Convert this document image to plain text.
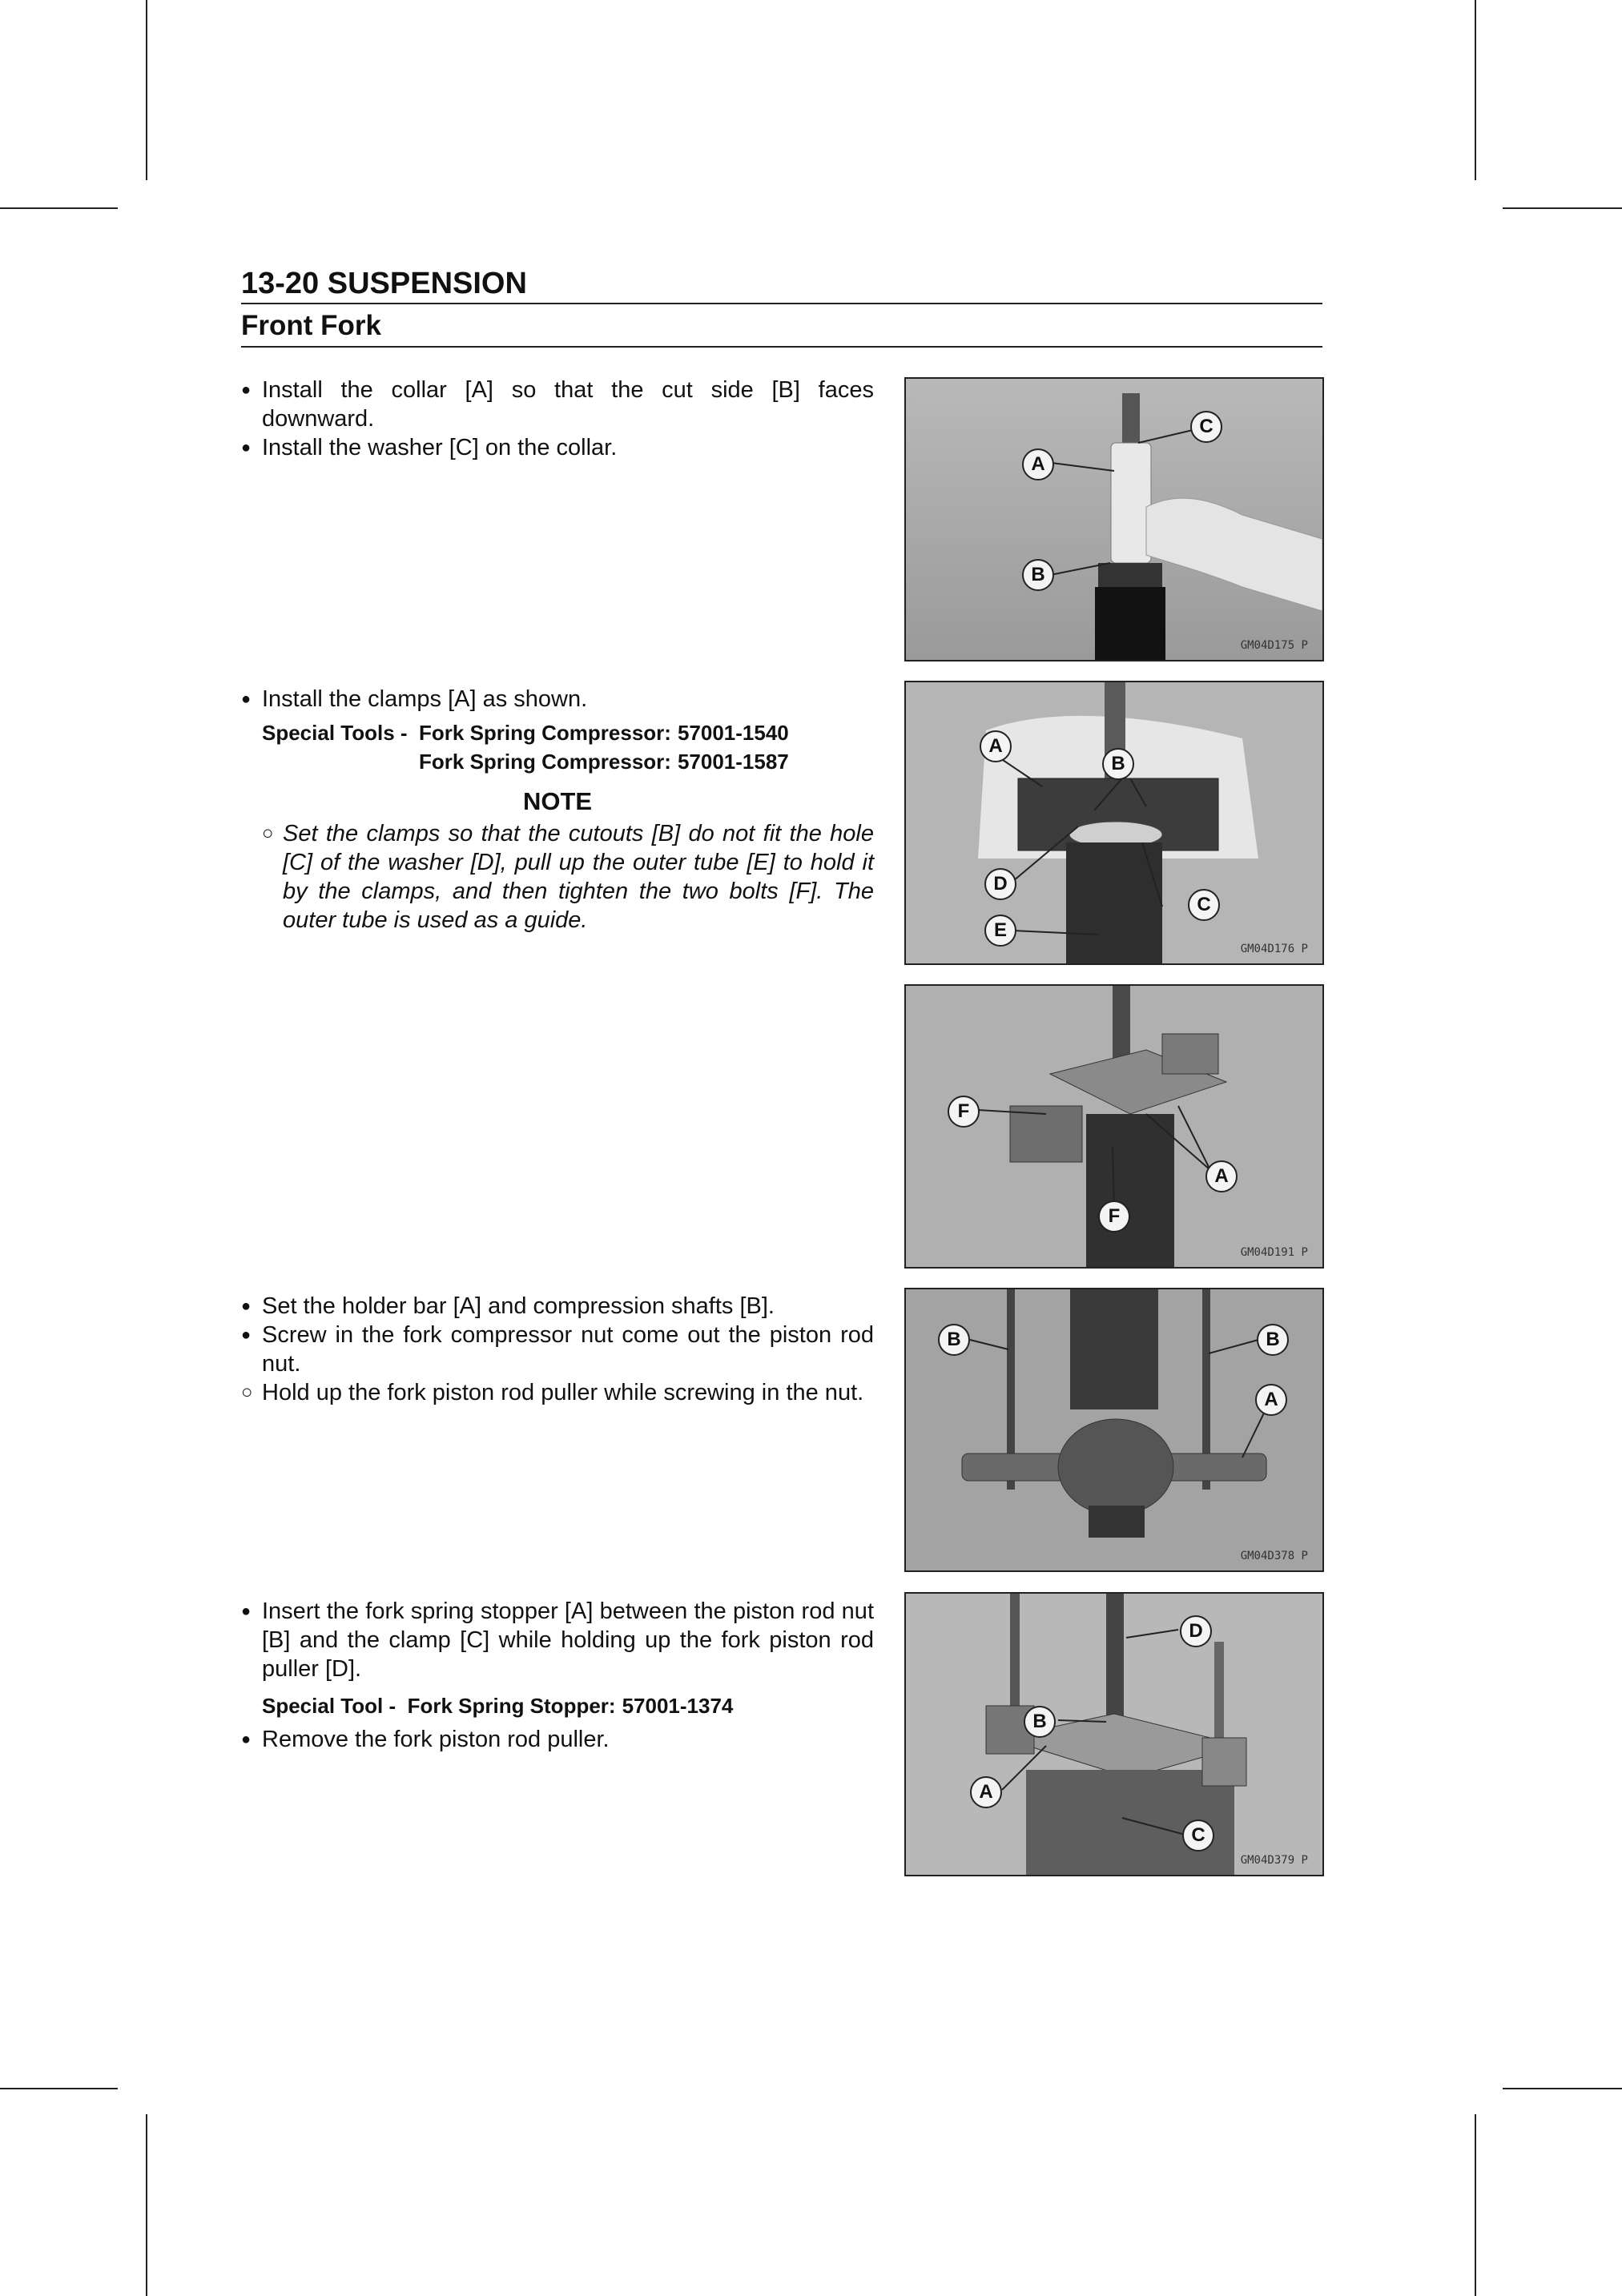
13-20 SUSPENSION
Front Fork

● Install the collar [A] so that the cut side [B] faces downward.

● Install the washer [C] on the collar.

● Install the clamps [A] as shown.

Special Tools - Fork Spring Compressor: 57001-1540
Fork Spring Compressor: 57001-1587
NOTE
○ Set the clamps so that the cutouts [B] do not fit the hole [C] of the washer [D], pull up the outer tube [E] to hold it by the clamps, and then tighten the two bolts [F]. The outer tube is used as a guide.

● Set the holder bar [A] and compression shafts [B].

● Screw in the fork compressor nut come out the piston rod nut.

○ Hold up the fork piston rod puller while screwing in the nut.

● Insert the fork spring stopper [A] between the piston rod nut [B] and the clamp [C] while holding up the fork piston rod puller [D].

Special Tool - Fork Spring Stopper: 57001-1374

● Remove the fork piston rod puller.

A
B
C
GM04D175 P
A
B
C
D
E
GM04D176 P
F
A
F
GM04D191 P
B	B
A
GM04D378 P
D
B
A
C
GM04D379 P
